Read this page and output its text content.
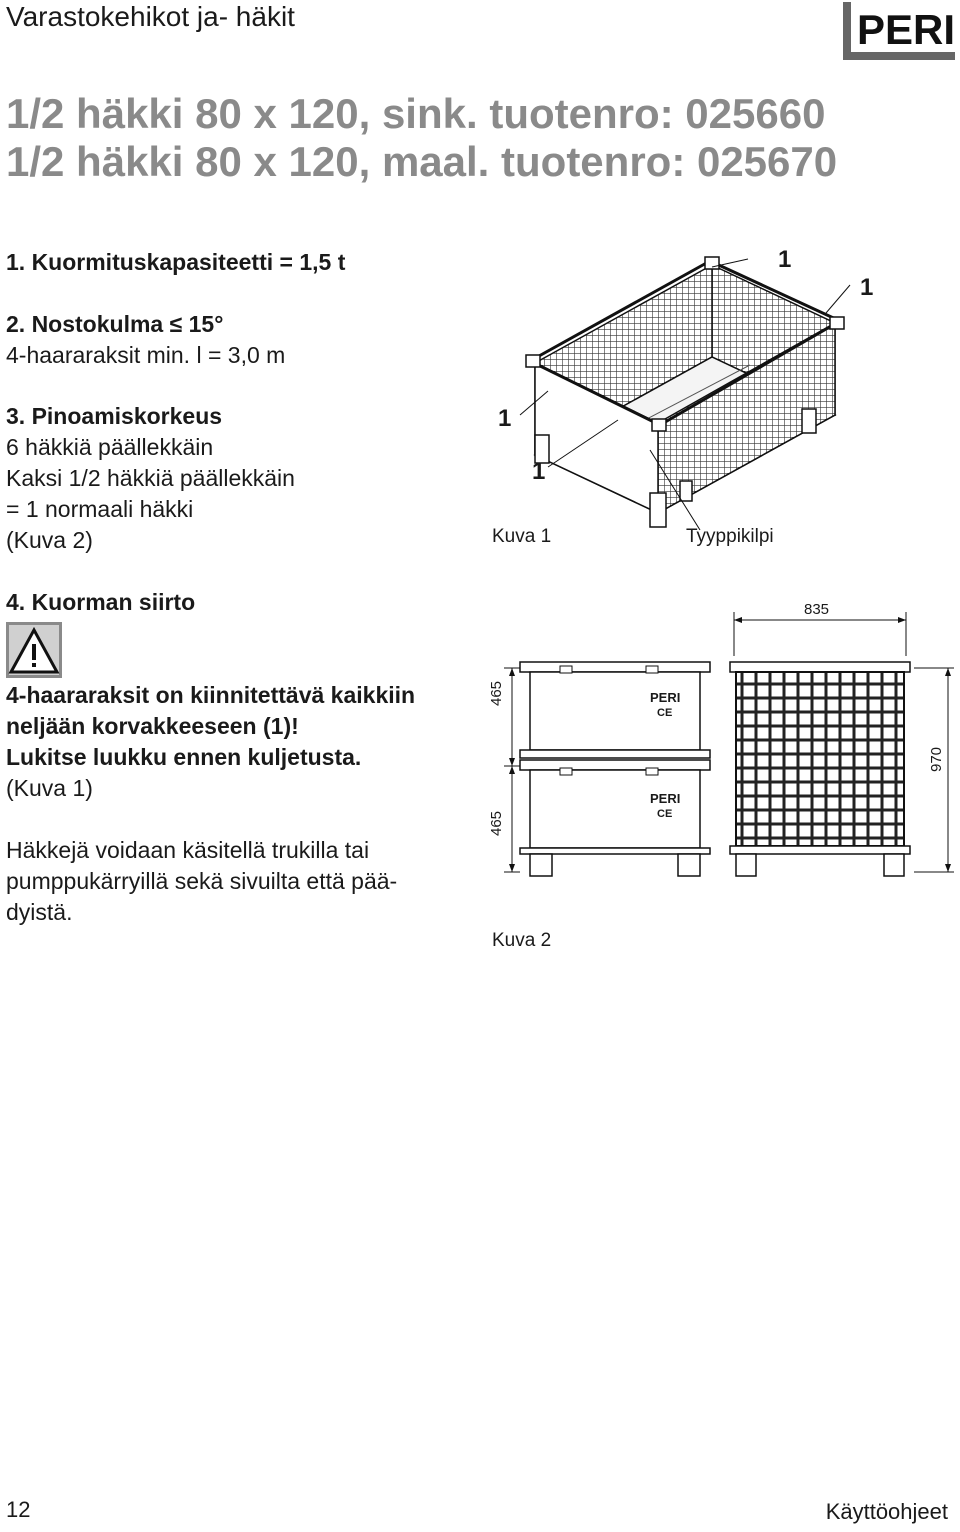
Varastokehikot ja- häkit	PERI
1/2 häkki 80 x 120, sink. tuotenro: 025660
1/2 häkki 80 x 120, maal. tuotenro: 025670
1. Kuormituskapasiteetti = 1,5 t
2. Nostokulma ≤ 15°
4-haararaksit min. l = 3,0 m
3. Pinoamiskorkeus
6 häkkiä päällekkäin
Kaksi 1/2 häkkiä päällekkäin
= 1 normaali häkki
(Kuva 2)
4. Kuorman siirto
4-haararaksit on kiinnitettävä kaikkiin
neljään korvakkeeseen (1)!
Lukitse luukku ennen kuljetusta.
(Kuva 1)
Häkkejä voidaan käsitellä trukilla tai
pumppukärryillä sekä sivuilta että pää-
dyistä.
1
1
1
1
Kuva 1	Tyyppikilpi
PERI
CE
PERI
CE
835
465
465
970
Kuva 2
12	Käyttöohjeet
